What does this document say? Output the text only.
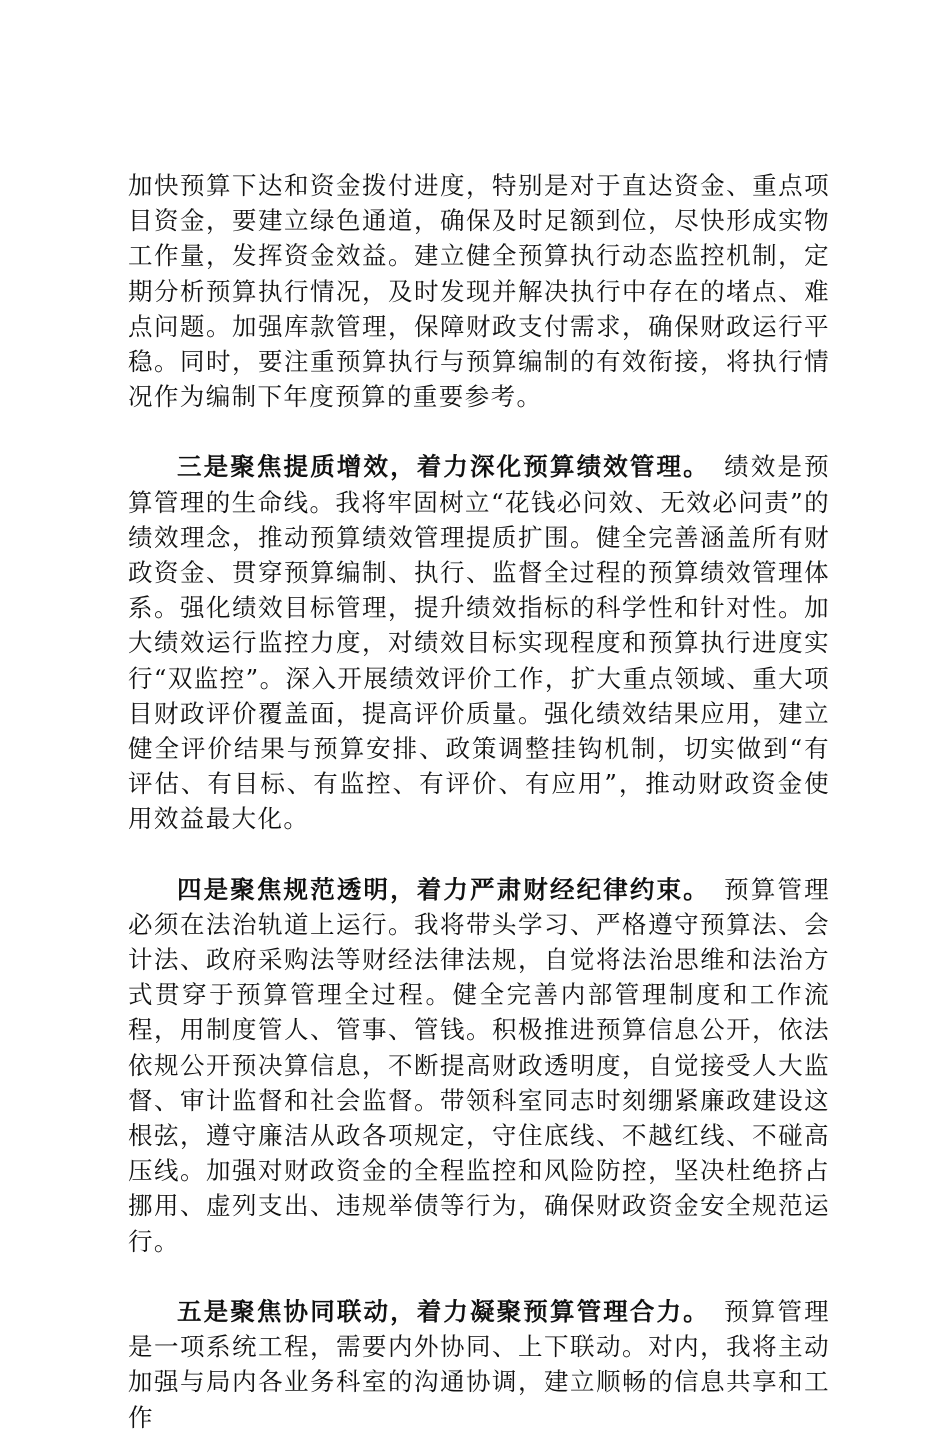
加快预算下达和资金拨付进度，特别是对于直达资金、重点项目资金，要建立绿色通道，确保及时足额到位，尽快形成实物工作量，发挥资金效益。建立健全预算执行动态监控机制，定期分析预算执行情况，及时发现并解决执行中存在的堵点、难点问题。加强库款管理，保障财政支付需求，确保财政运行平稳。同时，要注重预算执行与预算编制的有效衔接，将执行情况作为编制下年度预算的重要参考。

三是聚焦提质增效，着力深化预算绩效管理。 绩效是预算管理的生命线。我将牢固树立“花钱必问效、无效必问责”的绩效理念，推动预算绩效管理提质扩围。健全完善涵盖所有财政资金、贯穿预算编制、执行、监督全过程的预算绩效管理体系。强化绩效目标管理，提升绩效指标的科学性和针对性。加大绩效运行监控力度，对绩效目标实现程度和预算执行进度实行“双监控”。深入开展绩效评价工作，扩大重点领域、重大项目财政评价覆盖面，提高评价质量。强化绩效结果应用，建立健全评价结果与预算安排、政策调整挂钩机制，切实做到“有评估、有目标、有监控、有评价、有应用”，推动财政资金使用效益最大化。

四是聚焦规范透明，着力严肃财经纪律约束。 预算管理必须在法治轨道上运行。我将带头学习、严格遵守预算法、会计法、政府采购法等财经法律法规，自觉将法治思维和法治方式贯穿于预算管理全过程。健全完善内部管理制度和工作流程，用制度管人、管事、管钱。积极推进预算信息公开，依法依规公开预决算信息，不断提高财政透明度，自觉接受人大监督、审计监督和社会监督。带领科室同志时刻绷紧廉政建设这根弦，遵守廉洁从政各项规定，守住底线、不越红线、不碰高压线。加强对财政资金的全程监控和风险防控，坚决杜绝挤占挪用、虚列支出、违规举债等行为，确保财政资金安全规范运行。

五是聚焦协同联动，着力凝聚预算管理合力。 预算管理是一项系统工程，需要内外协同、上下联动。对内，我将主动加强与局内各业务科室的沟通协调，建立顺畅的信息共享和工作
